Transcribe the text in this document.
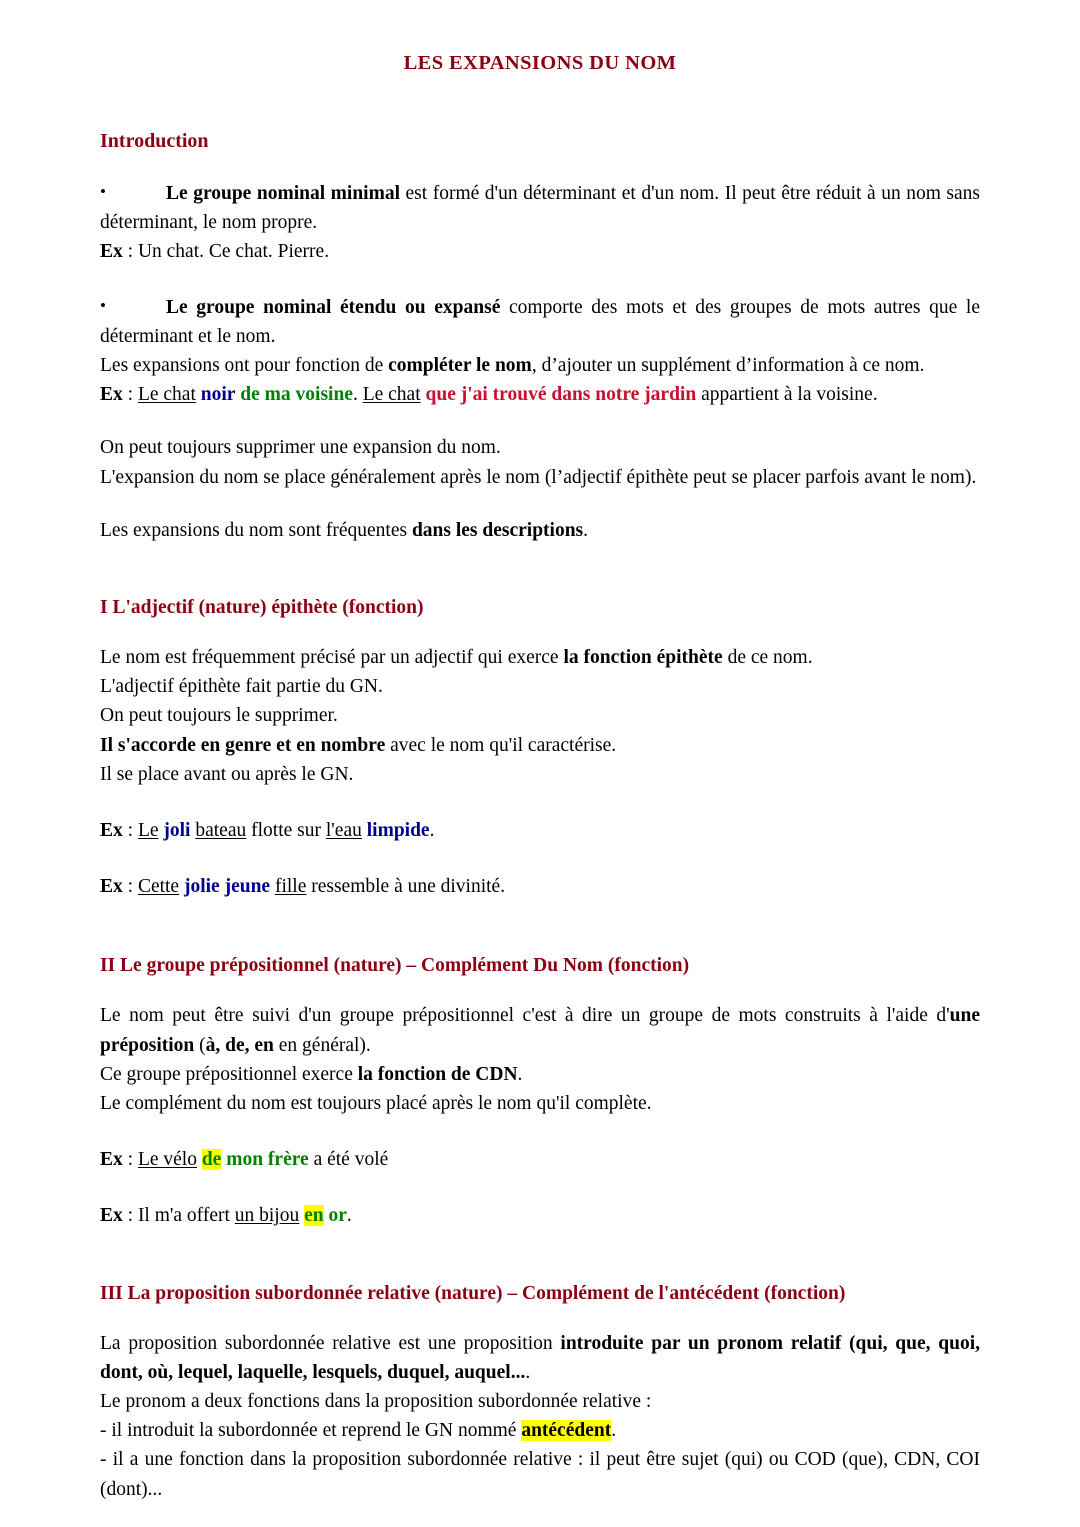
LES EXPANSIONS DU NOM
Introduction

•	Le groupe nominal minimal est formé d'un déterminant et d'un nom. Il peut être réduit à un nom sans déterminant, le nom propre.

Ex : Un chat. Ce chat. Pierre.

•	Le groupe nominal étendu ou expansé comporte des mots et des groupes de mots autres que le déterminant et le nom.

Les expansions ont pour fonction de compléter le nom, d’ajouter un supplément d’information à ce nom.

Ex : Le chat noir de ma voisine. Le chat que j'ai trouvé dans notre jardin appartient à la voisine.

On peut toujours supprimer une expansion du nom.

L'expansion du nom se place généralement après le nom (l’adjectif épithète peut se placer parfois avant le nom).

Les expansions du nom sont fréquentes dans les descriptions.

I L'adjectif (nature) épithète (fonction)

Le nom est fréquemment précisé par un adjectif qui exerce la fonction épithète de ce nom.

L'adjectif épithète fait partie du GN.

On peut toujours le supprimer.

Il s'accorde en genre et en nombre avec le nom qu'il caractérise.

Il se place avant ou après le GN.

Ex : Le joli bateau flotte sur l'eau limpide.

Ex : Cette jolie jeune fille ressemble à une divinité.

II Le groupe prépositionnel (nature) – Complément Du Nom (fonction)

Le nom peut être suivi d'un groupe prépositionnel c'est à dire un groupe de mots construits à l'aide d'une préposition (à, de, en en général).

Ce groupe prépositionnel exerce la fonction de CDN.

Le complément du nom est toujours placé après le nom qu'il complète.

Ex : Le vélo de mon frère a été volé

Ex : Il m'a offert un bijou en or.

III La proposition subordonnée relative (nature) – Complément de l'antécédent (fonction)

La proposition subordonnée relative est une proposition introduite par un pronom relatif (qui, que, quoi, dont, où, lequel, laquelle, lesquels, duquel, auquel....

Le pronom a deux fonctions dans la proposition subordonnée relative :

- il introduit la subordonnée et reprend le GN nommé antécédent.

- il a une fonction dans la proposition subordonnée relative : il peut être sujet (qui) ou COD (que), CDN, COI (dont)...
